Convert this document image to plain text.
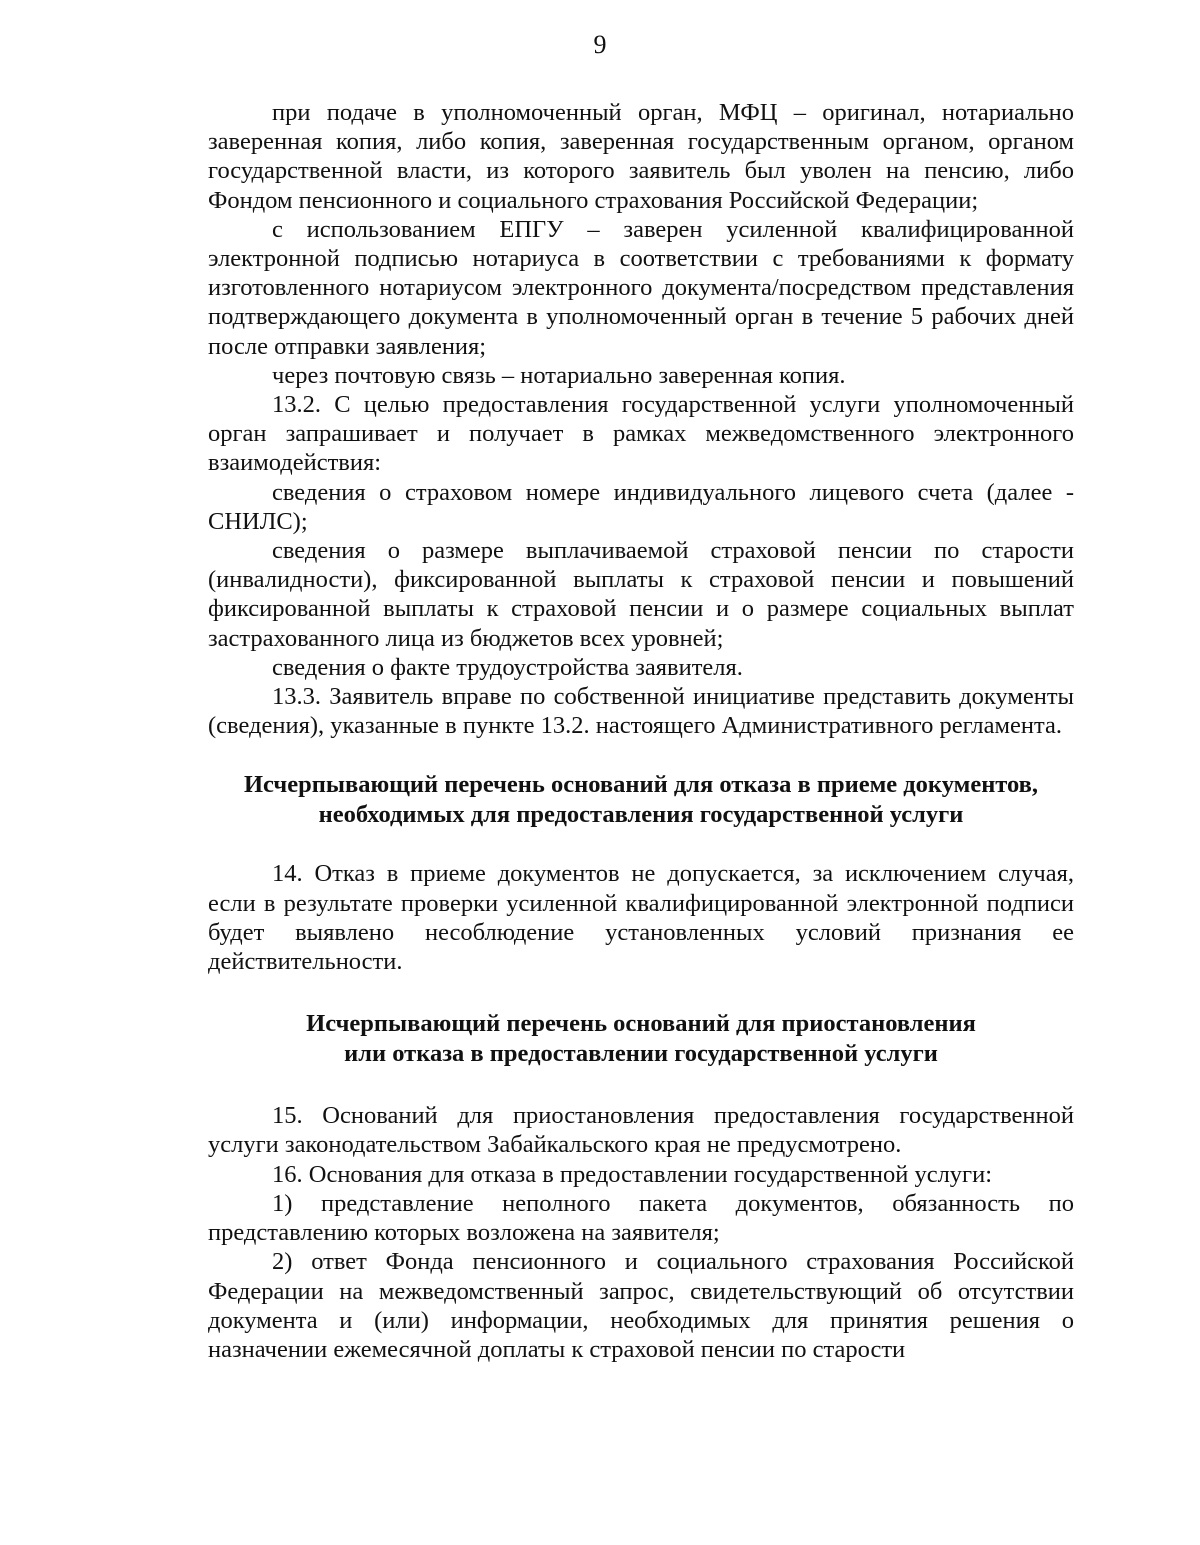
9

при подаче в уполномоченный орган, МФЦ – оригинал, нотариально заверенная копия, либо копия, заверенная государственным органом, органом государственной власти, из которого заявитель был уволен на пенсию, либо Фондом пенсионного и социального страхования Российской Федерации;

с использованием ЕПГУ – заверен усиленной квалифицированной электронной подписью нотариуса в соответствии с требованиями к формату изготовленного нотариусом электронного документа/посредством представления подтверждающего документа в уполномоченный орган в течение 5 рабочих дней после отправки заявления;

через почтовую связь – нотариально заверенная копия.

13.2. С целью предоставления государственной услуги уполномоченный орган запрашивает и получает в рамках межведомственного электронного взаимодействия:

сведения о страховом номере индивидуального лицевого счета (далее - СНИЛС);

сведения о размере выплачиваемой страховой пенсии по старости (инвалидности), фиксированной выплаты к страховой пенсии и повышений фиксированной выплаты к страховой пенсии и о размере социальных выплат застрахованного лица из бюджетов всех уровней;

сведения о факте трудоустройства заявителя.

13.3. Заявитель вправе по собственной инициативе представить документы (сведения), указанные в пункте 13.2. настоящего Административного регламента.

Исчерпывающий перечень оснований для отказа в приеме документов,
необходимых для предоставления государственной услуги

14. Отказ в приеме документов не допускается, за исключением случая, если в результате проверки усиленной квалифицированной электронной подписи будет выявлено несоблюдение установленных условий признания ее действительности.

Исчерпывающий перечень оснований для приостановления
или отказа в предоставлении государственной услуги

15. Оснований для приостановления предоставления государственной услуги законодательством Забайкальского края не предусмотрено.

16. Основания для отказа в предоставлении государственной услуги:

1) представление неполного пакета документов, обязанность по представлению которых возложена на заявителя;

2) ответ Фонда пенсионного и социального страхования Российской Федерации на межведомственный запрос, свидетельствующий об отсутствии документа и (или) информации, необходимых для принятия решения о назначении ежемесячной доплаты к страховой пенсии по старости
